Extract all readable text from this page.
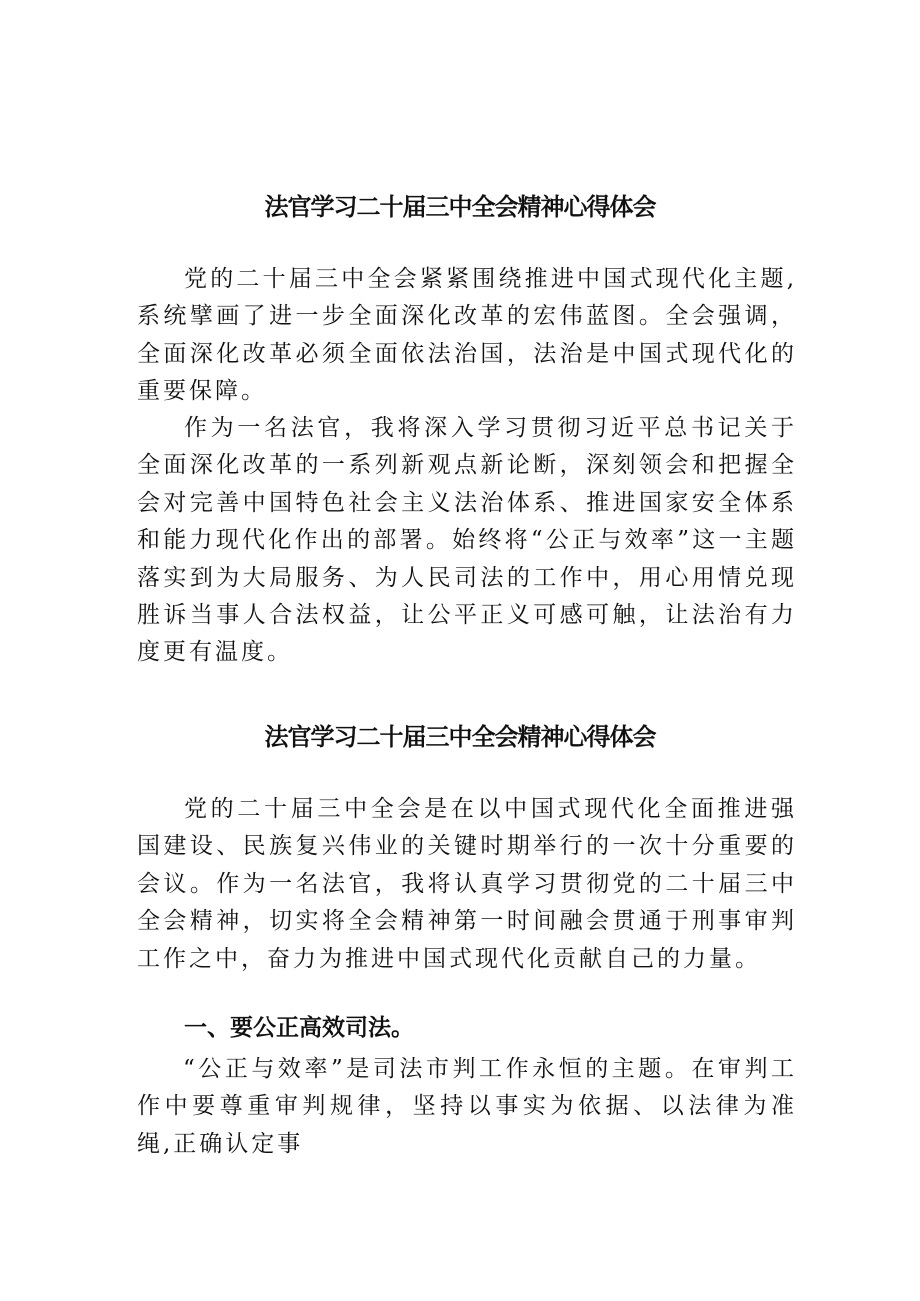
法官学习二十届三中全会精神心得体会

党的二十届三中全会紧紧围绕推进中国式现代化主题,系统擘画了进一步全面深化改革的宏伟蓝图。全会强调，全面深化改革必须全面依法治国，法治是中国式现代化的重要保障。

作为一名法官，我将深入学习贯彻习近平总书记关于全面深化改革的一系列新观点新论断，深刻领会和把握全会对完善中国特色社会主义法治体系、推进国家安全体系和能力现代化作出的部署。始终将“公正与效率”这一主题落实到为大局服务、为人民司法的工作中，用心用情兑现胜诉当事人合法权益，让公平正义可感可触，让法治有力度更有温度。

法官学习二十届三中全会精神心得体会

党的二十届三中全会是在以中国式现代化全面推进强国建设、民族复兴伟业的关键时期举行的一次十分重要的会议。作为一名法官，我将认真学习贯彻党的二十届三中全会精神，切实将全会精神第一时间融会贯通于刑事审判工作之中，奋力为推进中国式现代化贡献自己的力量。

一、要公正高效司法。

“公正与效率”是司法市判工作永恒的主题。在审判工作中要尊重审判规律，坚持以事实为依据、以法律为准绳,正确认定事
